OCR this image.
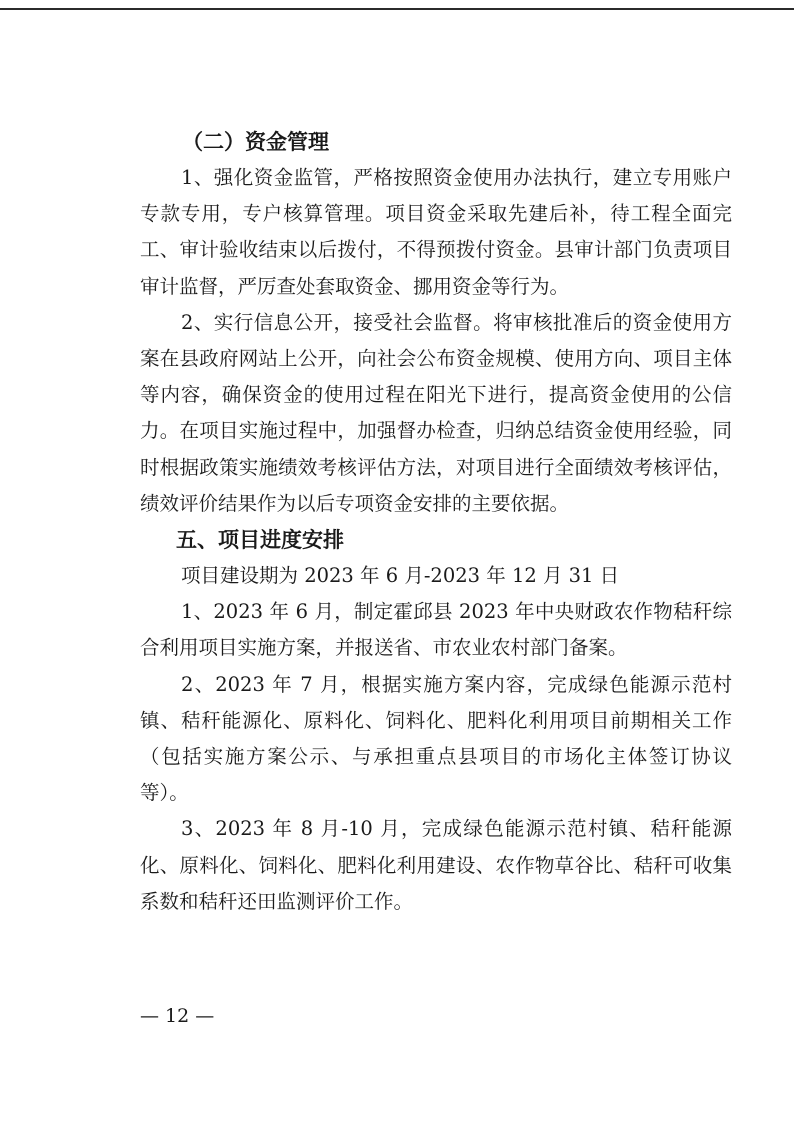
（二）资金管理

1、强化资金监管，严格按照资金使用办法执行，建立专用账户专款专用，专户核算管理。项目资金采取先建后补，待工程全面完工、审计验收结束以后拨付，不得预拨付资金。县审计部门负责项目审计监督，严厉查处套取资金、挪用资金等行为。

2、实行信息公开，接受社会监督。将审核批准后的资金使用方案在县政府网站上公开，向社会公布资金规模、使用方向、项目主体等内容，确保资金的使用过程在阳光下进行，提高资金使用的公信力。在项目实施过程中，加强督办检查，归纳总结资金使用经验，同时根据政策实施绩效考核评估方法，对项目进行全面绩效考核评估，绩效评价结果作为以后专项资金安排的主要依据。

五、项目进度安排

项目建设期为 2023 年 6 月-2023 年 12 月 31 日

1、2023 年 6 月，制定霍邱县 2023 年中央财政农作物秸秆综合利用项目实施方案，并报送省、市农业农村部门备案。

2、2023 年 7 月，根据实施方案内容，完成绿色能源示范村镇、秸秆能源化、原料化、饲料化、肥料化利用项目前期相关工作（包括实施方案公示、与承担重点县项目的市场化主体签订协议等）。

3、2023 年 8 月-10 月，完成绿色能源示范村镇、秸秆能源化、原料化、饲料化、肥料化利用建设、农作物草谷比、秸秆可收集系数和秸秆还田监测评价工作。

— 12 —
